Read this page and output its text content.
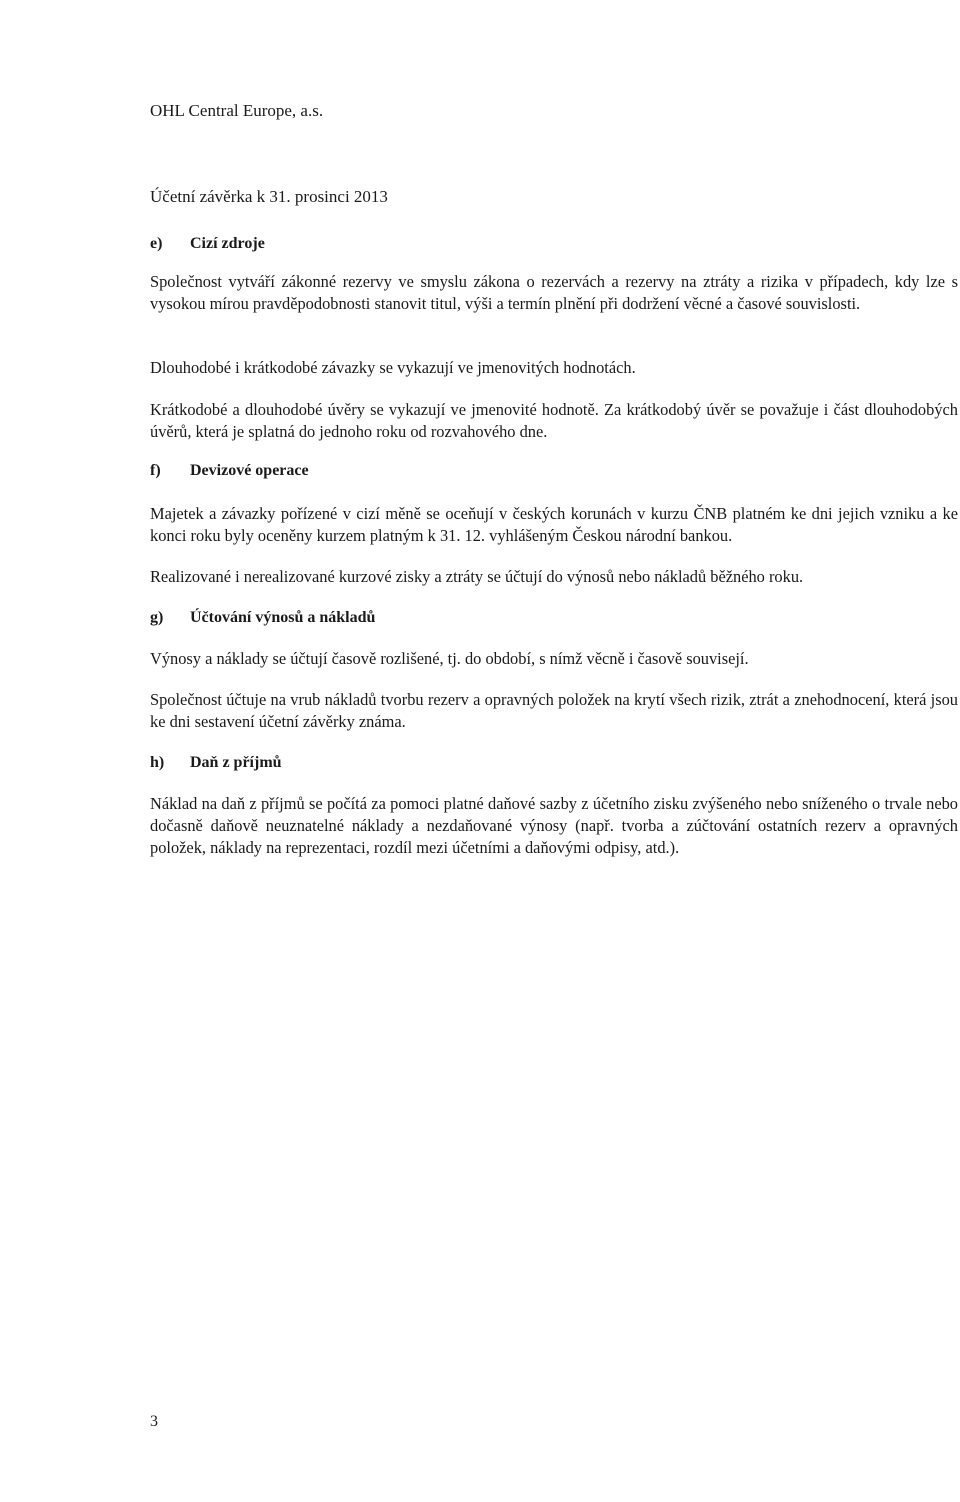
OHL Central Europe, a.s.

Účetní závěrka k 31. prosinci 2013

e)	Cizí zdroje

Společnost vytváří zákonné rezervy ve smyslu zákona o rezervách a rezervy na ztráty a rizika v případech, kdy lze s vysokou mírou pravděpodobnosti stanovit titul, výši a termín plnění při dodržení věcné a časové souvislosti.

Dlouhodobé i krátkodobé závazky se vykazují ve jmenovitých hodnotách.

Krátkodobé a dlouhodobé úvěry se vykazují ve jmenovité hodnotě. Za krátkodobý úvěr se považuje i část dlouhodobých úvěrů, která je splatná do jednoho roku od rozvahového dne.

f)	Devizové operace

Majetek a závazky pořízené v cizí měně se oceňují v českých korunách v kurzu ČNB platném ke dni jejich vzniku a ke konci roku byly oceněny kurzem platným k 31. 12. vyhlášeným Českou národní bankou.

Realizované i nerealizované kurzové zisky a ztráty se účtují do výnosů nebo nákladů běžného roku.

g)	Účtování výnosů a nákladů

Výnosy a náklady se účtují časově rozlišené, tj. do období, s nímž věcně i časově souvisejí.

Společnost účtuje na vrub nákladů tvorbu rezerv a opravných položek na krytí všech rizik, ztrát a znehodnocení, která jsou ke dni sestavení účetní závěrky známa.

h)	Daň z příjmů

Náklad na daň z příjmů se počítá za pomoci platné daňové sazby z účetního zisku zvýšeného nebo sníženého o trvale nebo dočasně daňově neuznatelné náklady a nezdaňované výnosy (např. tvorba a zúčtování ostatních rezerv a opravných položek, náklady na reprezentaci, rozdíl mezi účetními a daňovými odpisy, atd.).

3
